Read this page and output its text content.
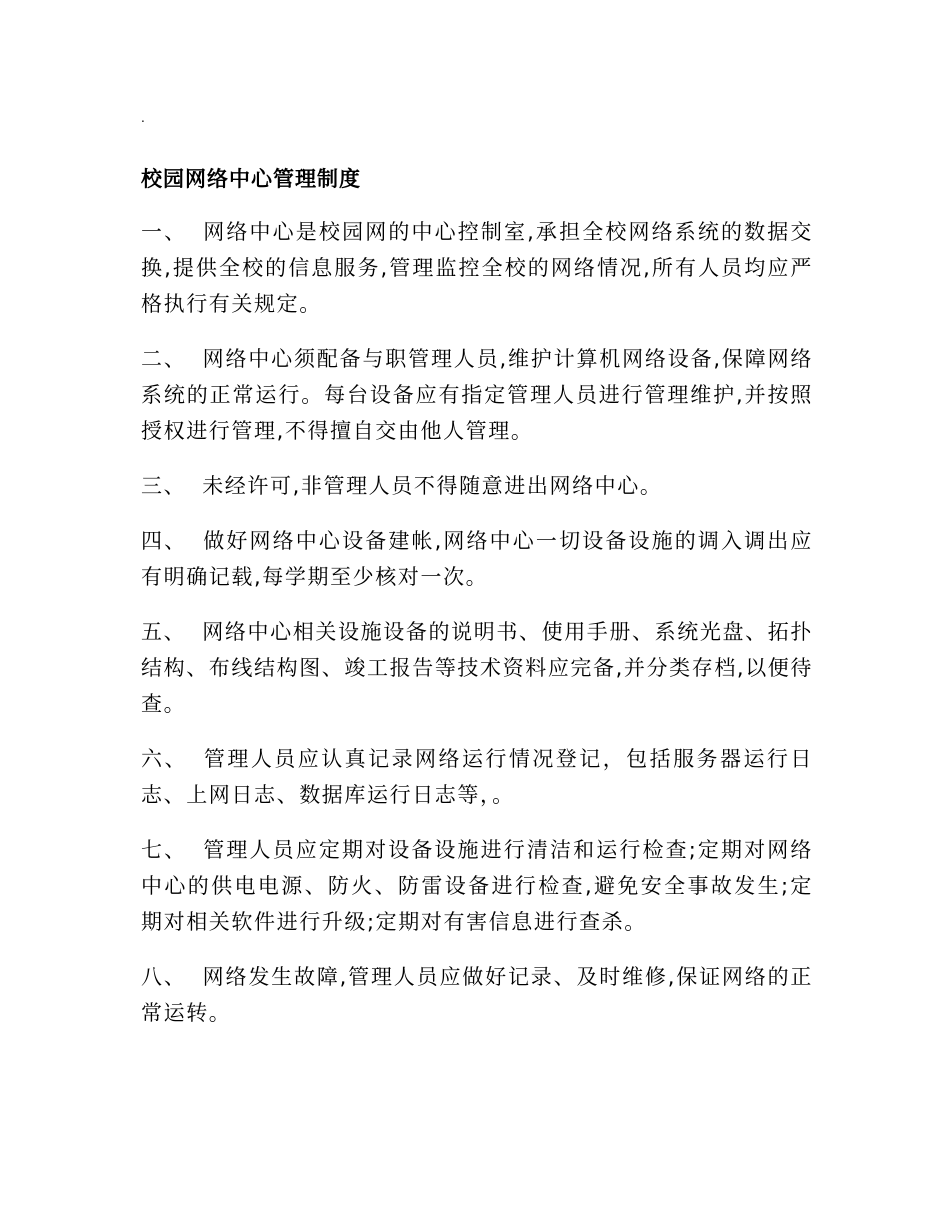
.
校园网络中心管理制度

一、 网络中心是校园网的中心控制室,承担全校网络系统的数据交换,提供全校的信息服务,管理监控全校的网络情况,所有人员均应严格执行有关规定。

二、 网络中心须配备与职管理人员,维护计算机网络设备,保障网络系统的正常运行。每台设备应有指定管理人员进行管理维护,并按照授权进行管理,不得擅自交由他人管理。

三、 未经许可,非管理人员不得随意进出网络中心。

四、 做好网络中心设备建帐,网络中心一切设备设施的调入调出应有明确记载,每学期至少核对一次。

五、 网络中心相关设施设备的说明书、使用手册、系统光盘、拓扑结构、布线结构图、竣工报告等技术资料应完备,并分类存档,以便待查。

六、 管理人员应认真记录网络运行情况登记，包括服务器运行日志、上网日志、数据库运行日志等，。

七、 管理人员应定期对设备设施进行清洁和运行检查;定期对网络中心的供电电源、防火、防雷设备进行检查,避免安全事故发生;定期对相关软件进行升级;定期对有害信息进行查杀。

八、 网络发生故障,管理人员应做好记录、及时维修,保证网络的正常运转。
